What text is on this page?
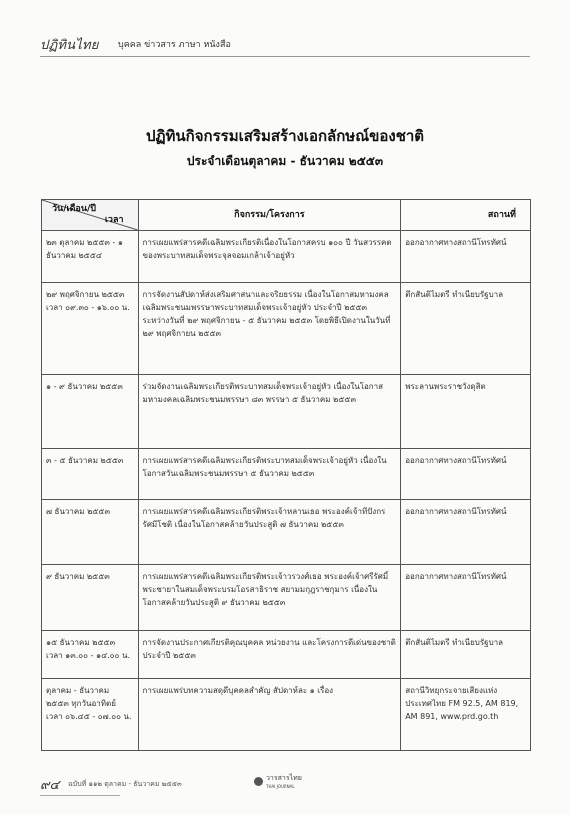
ปฏิทินไทย บุคคล ข่าวสาร ภาษา หนังสือ
ปฏิทินกิจกรรมเสริมสร้างเอกลักษณ์ของชาติ
ประจำเดือนตุลาคม - ธันวาคม ๒๕๕๓
วัน/เดือน/ปี
เวลา	กิจกรรม/โครงการ	สถานที่
๒๓ ตุลาคม ๒๕๕๓ - ๑ ธันวาคม ๒๕๕๔	การเผยแพร่สารคดีเฉลิมพระเกียรติเนื่องในโอกาสครบ ๑๐๐ ปี วันสวรรคตของพระบาทสมเด็จพระจุลจอมเกล้าเจ้าอยู่หัว	ออกอากาศทางสถานีโทรทัศน์
๒๙ พฤศจิกายน ๒๕๕๓ เวลา ๐๙.๓๐ - ๑๖.๐๐ น.	การจัดงานสัปดาห์ส่งเสริมศาสนาและจริยธรรม เนื่องในโอกาสมหามงคลเฉลิมพระชนมพรรษาพระบาทสมเด็จพระเจ้าอยู่หัว ประจำปี ๒๕๕๓ ระหว่างวันที่ ๒๙ พฤศจิกายน - ๕ ธันวาคม ๒๕๕๓ โดยพิธีเปิดงานในวันที่ ๒๙ พฤศจิกายน ๒๕๕๓	ตึกสันติไมตรี ทำเนียบรัฐบาล
๑ - ๙ ธันวาคม ๒๕๕๓	ร่วมจัดงานเฉลิมพระเกียรติพระบาทสมเด็จพระเจ้าอยู่หัว เนื่องในโอกาสมหามงคลเฉลิมพระชนมพรรษา ๘๓ พรรษา ๕ ธันวาคม ๒๕๕๓	พระลานพระราชวังดุสิต
๓ - ๕ ธันวาคม ๒๕๕๓	การเผยแพร่สารคดีเฉลิมพระเกียรติพระบาทสมเด็จพระเจ้าอยู่หัว เนื่องในโอกาสวันเฉลิมพระชนมพรรษา ๕ ธันวาคม ๒๕๕๓	ออกอากาศทางสถานีโทรทัศน์
๗ ธันวาคม ๒๕๕๓	การเผยแพร่สารคดีเฉลิมพระเกียรติพระเจ้าหลานเธอ พระองค์เจ้าทีปังกรรัศมีโชติ เนื่องในโอกาสคล้ายวันประสูติ ๗ ธันวาคม ๒๕๕๓	ออกอากาศทางสถานีโทรทัศน์
๙ ธันวาคม ๒๕๕๓	การเผยแพร่สารคดีเฉลิมพระเกียรติพระเจ้าวรวงศ์เธอ พระองค์เจ้าศรีรัศมิ์ พระชายาในสมเด็จพระบรมโอรสาธิราช สยามมกุฎราชกุมาร เนื่องในโอกาสคล้ายวันประสูติ ๙ ธันวาคม ๒๕๕๓	ออกอากาศทางสถานีโทรทัศน์
๑๕ ธันวาคม ๒๕๕๓ เวลา ๑๓.๐๐ - ๑๔.๐๐ น.	การจัดงานประกาศเกียรติคุณบุคคล หน่วยงาน และโครงการดีเด่นของชาติ ประจำปี ๒๕๕๓	ตึกสันติไมตรี ทำเนียบรัฐบาล
ตุลาคม - ธันวาคม ๒๕๕๓ ทุกวันอาทิตย์ เวลา ๐๖.๔๕ - ๐๗.๐๐ น.	การเผยแพร่บทความสดุดีบุคคลสำคัญ สัปดาห์ละ ๑ เรื่อง	สถานีวิทยุกระจายเสียงแห่งประเทศไทย FM 92.5, AM 819, AM 891, www.prd.go.th
๙๔ ฉบับที่ ๑๑๒ ตุลาคม - ธันวาคม ๒๕๕๓
วารสารไทย
THAI JOURNAL
